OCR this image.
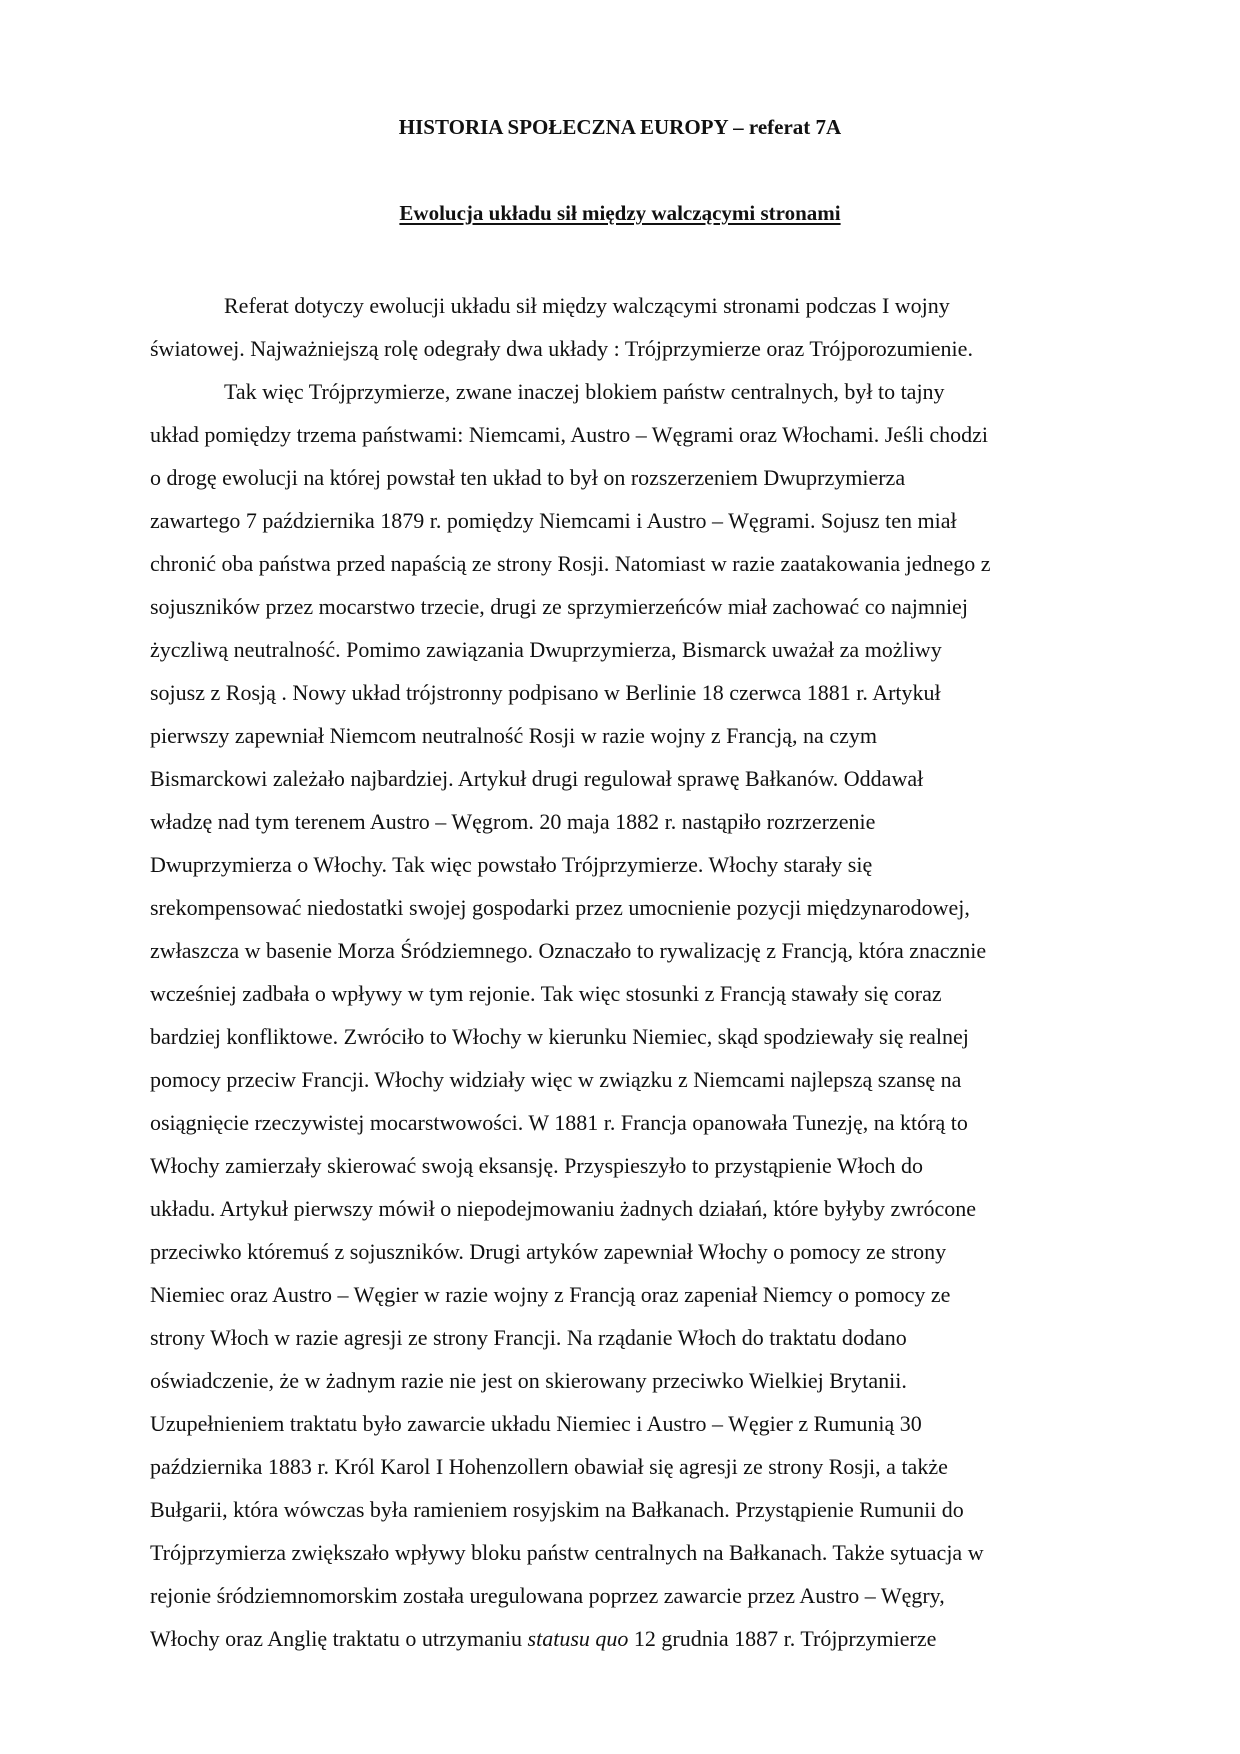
HISTORIA SPOŁECZNA EUROPY – referat 7A
Ewolucja układu sił między walczącymi stronami
Referat dotyczy ewolucji układu sił między walczącymi stronami podczas I wojny
światowej. Najważniejszą rolę odegrały dwa układy : Trójprzymierze oraz Trójporozumienie.
Tak więc Trójprzymierze, zwane inaczej blokiem państw centralnych, był to tajny
układ pomiędzy trzema państwami: Niemcami, Austro – Węgrami oraz Włochami. Jeśli chodzi
o drogę ewolucji na której powstał ten układ to był on rozszerzeniem Dwuprzymierza
zawartego 7 października 1879 r. pomiędzy Niemcami i Austro – Węgrami. Sojusz ten miał
chronić oba państwa przed napaścią ze strony Rosji. Natomiast w razie zaatakowania jednego z
sojuszników przez mocarstwo trzecie, drugi ze sprzymierzeńców miał zachować co najmniej
życzliwą neutralność. Pomimo zawiązania Dwuprzymierza, Bismarck uważał za możliwy
sojusz z Rosją . Nowy układ trójstronny podpisano w Berlinie 18 czerwca 1881 r. Artykuł
pierwszy zapewniał Niemcom neutralność Rosji w razie wojny z Francją, na czym
Bismarckowi zależało najbardziej. Artykuł drugi regulował sprawę Bałkanów. Oddawał
władzę nad tym terenem Austro – Węgrom. 20 maja 1882 r. nastąpiło rozrzerzenie
Dwuprzymierza o Włochy. Tak więc powstało Trójprzymierze. Włochy starały się
srekompensować niedostatki swojej gospodarki przez umocnienie pozycji międzynarodowej,
zwłaszcza w basenie Morza Śródziemnego. Oznaczało to rywalizację z Francją, która znacznie
wcześniej zadbała o wpływy w tym rejonie. Tak więc stosunki z Francją stawały się coraz
bardziej konfliktowe. Zwróciło to Włochy w kierunku Niemiec, skąd spodziewały się realnej
pomocy przeciw Francji. Włochy widziały więc w związku z Niemcami najlepszą szansę na
osiągnięcie rzeczywistej mocarstwowości. W 1881 r. Francja opanowała Tunezję, na którą to
Włochy zamierzały skierować swoją eksansję. Przyspieszyło to przystąpienie Włoch do
układu. Artykuł pierwszy mówił o niepodejmowaniu żadnych działań, które byłyby zwrócone
przeciwko któremuś z sojuszników. Drugi artyków zapewniał Włochy o pomocy ze strony
Niemiec oraz Austro – Węgier w razie wojny z Francją oraz zapeniał Niemcy o pomocy ze
strony Włoch w razie agresji ze strony Francji. Na rządanie Włoch do traktatu dodano
oświadczenie, że w żadnym razie nie jest on skierowany przeciwko Wielkiej Brytanii.
Uzupełnieniem traktatu było zawarcie układu Niemiec i Austro – Węgier z Rumunią 30
października 1883 r. Król Karol I Hohenzollern obawiał się agresji ze strony Rosji, a także
Bułgarii, która wówczas była ramieniem rosyjskim na Bałkanach. Przystąpienie Rumunii do
Trójprzymierza zwiększało wpływy bloku państw centralnych na Bałkanach. Także sytuacja w
rejonie śródziemnomorskim została uregulowana poprzez zawarcie przez Austro – Węgry,
Włochy oraz Anglię traktatu o utrzymaniu statusu quo 12 grudnia 1887 r. Trójprzymierze
